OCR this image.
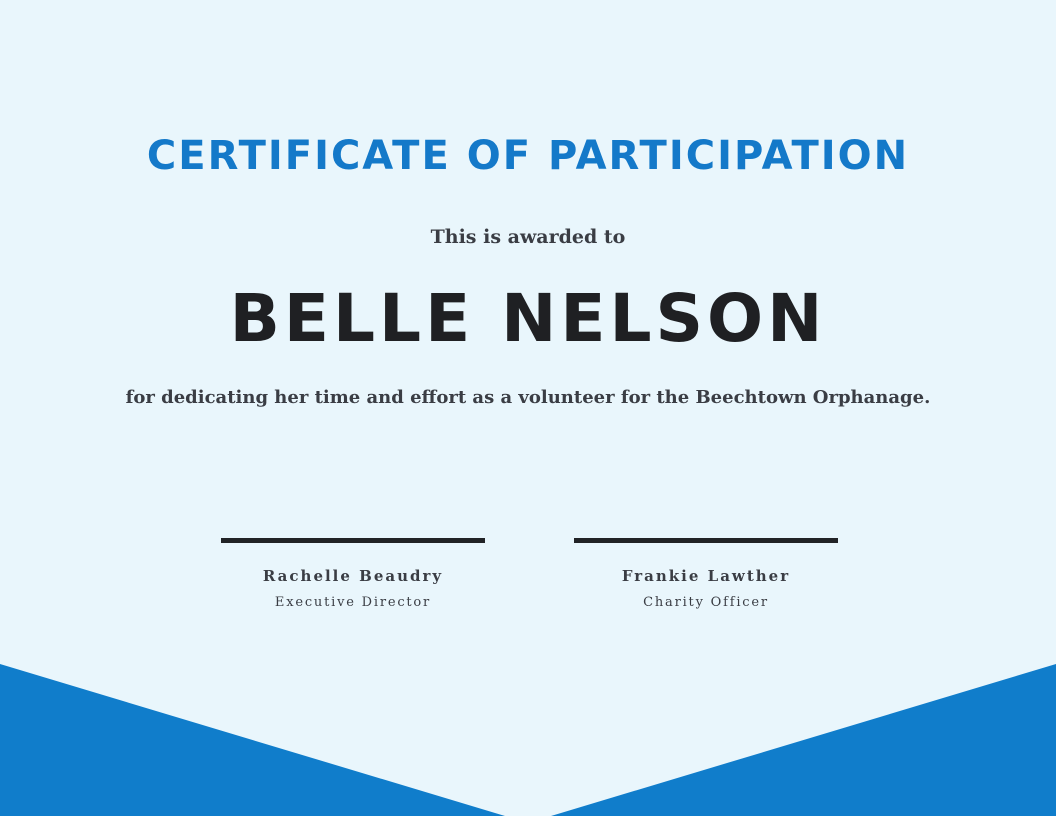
CERTIFICATE OF PARTICIPATION
This is awarded to
BELLE NELSON
for dedicating her time and effort as a volunteer for the Beechtown Orphanage.
Rachelle Beaudry
Executive Director
Frankie Lawther
Charity Officer
